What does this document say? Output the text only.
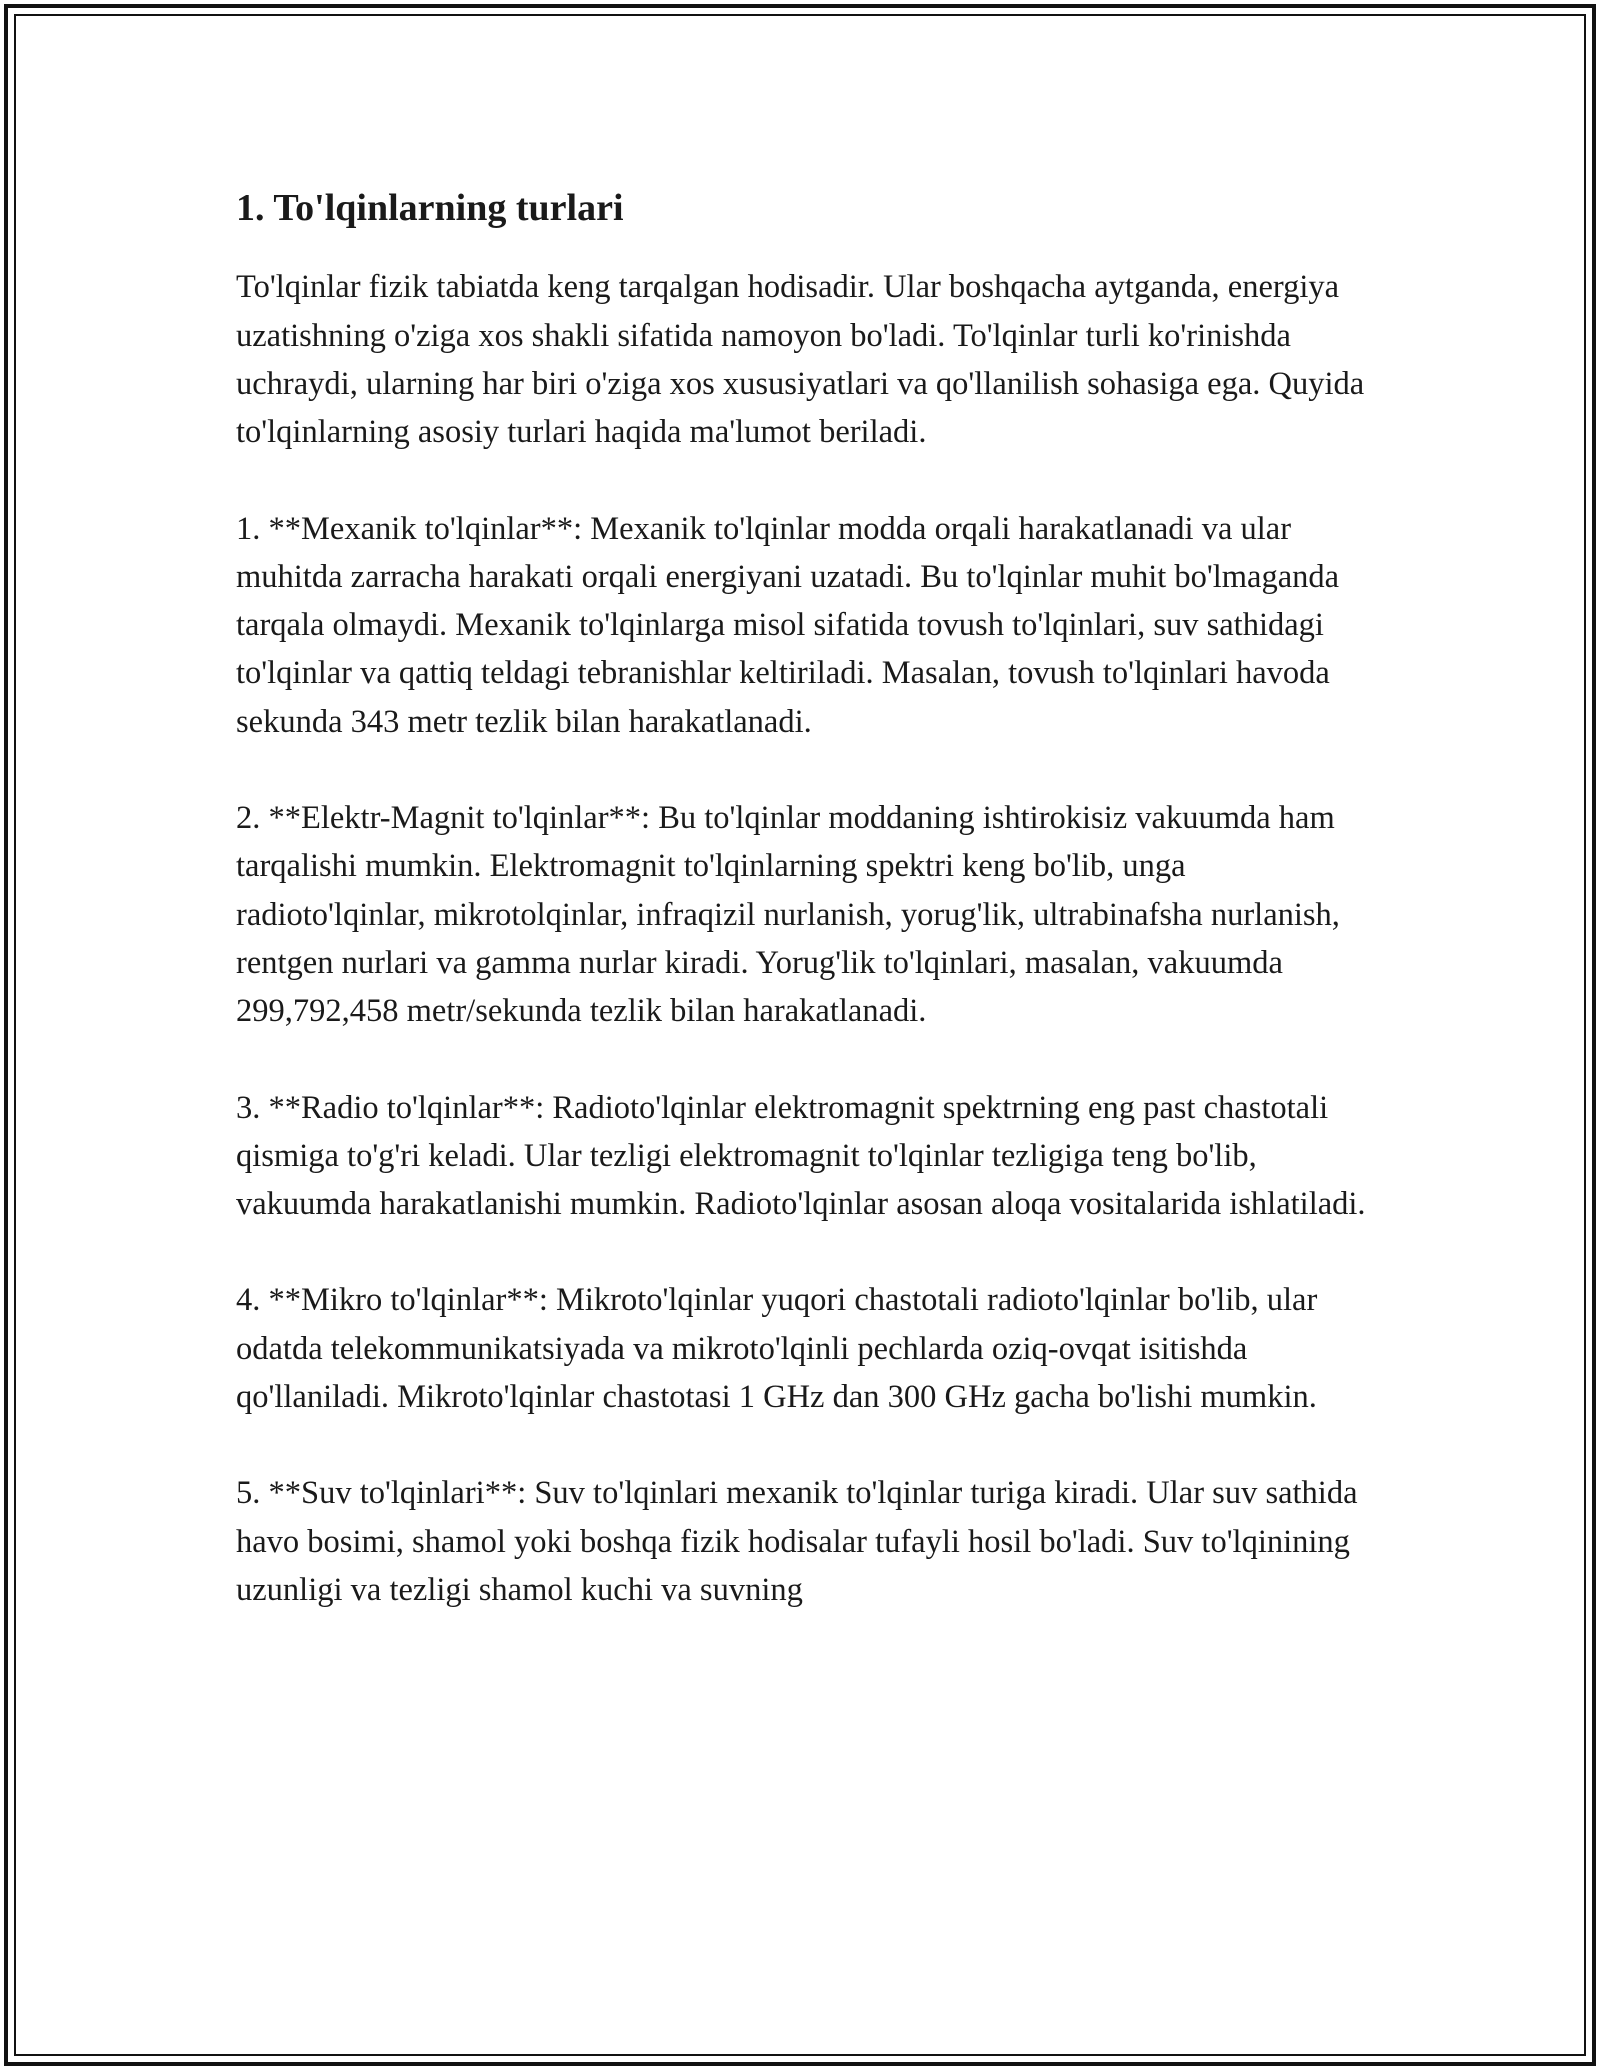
1. To'lqinlarning turlari

To'lqinlar fizik tabiatda keng tarqalgan hodisadir. Ular boshqacha aytganda, energiya uzatishning o'ziga xos shakli sifatida namoyon bo'ladi. To'lqinlar turli ko'rinishda uchraydi, ularning har biri o'ziga xos xususiyatlari va qo'llanilish sohasiga ega. Quyida to'lqinlarning asosiy turlari haqida ma'lumot beriladi.

1. **Mexanik to'lqinlar**: Mexanik to'lqinlar modda orqali harakatlanadi va ular muhitda zarracha harakati orqali energiyani uzatadi. Bu to'lqinlar muhit bo'lmaganda tarqala olmaydi. Mexanik to'lqinlarga misol sifatida tovush to'lqinlari, suv sathidagi to'lqinlar va qattiq teldagi tebranishlar keltiriladi. Masalan, tovush to'lqinlari havoda sekunda 343 metr tezlik bilan harakatlanadi.

2. **Elektr-Magnit to'lqinlar**: Bu to'lqinlar moddaning ishtirokisiz vakuumda ham tarqalishi mumkin. Elektromagnit to'lqinlarning spektri keng bo'lib, unga radioto'lqinlar, mikrotolqinlar, infraqizil nurlanish, yorug'lik, ultrabinafsha nurlanish, rentgen nurlari va gamma nurlar kiradi. Yorug'lik to'lqinlari, masalan, vakuumda 299,792,458 metr/sekunda tezlik bilan harakatlanadi.

3. **Radio to'lqinlar**: Radioto'lqinlar elektromagnit spektrning eng past chastotali qismiga to'g'ri keladi. Ular tezligi elektromagnit to'lqinlar tezligiga teng bo'lib, vakuumda harakatlanishi mumkin. Radioto'lqinlar asosan aloqa vositalarida ishlatiladi.

4. **Mikro to'lqinlar**: Mikroto'lqinlar yuqori chastotali radioto'lqinlar bo'lib, ular odatda telekommunikatsiyada va mikroto'lqinli pechlarda oziq-ovqat isitishda qo'llaniladi. Mikroto'lqinlar chastotasi 1 GHz dan 300 GHz gacha bo'lishi mumkin.

5. **Suv to'lqinlari**: Suv to'lqinlari mexanik to'lqinlar turiga kiradi. Ular suv sathida havo bosimi, shamol yoki boshqa fizik hodisalar tufayli hosil bo'ladi. Suv to'lqinining uzunligi va tezligi shamol kuchi va suvning
